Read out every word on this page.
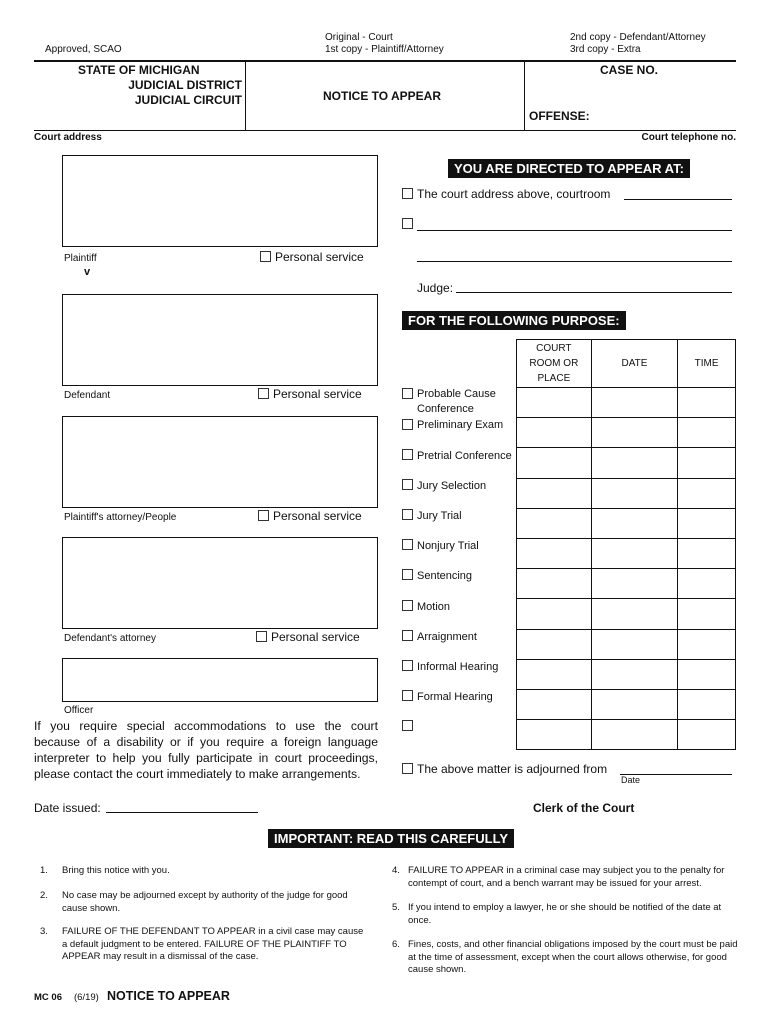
Approved, SCAO
Original - Court
1st copy - Plaintiff/Attorney
2nd copy - Defendant/Attorney
3rd copy - Extra
STATE OF MICHIGAN
JUDICIAL DISTRICT
JUDICIAL CIRCUIT	NOTICE TO APPEAR
CASE NO.
OFFENSE:
Court address	Court telephone no.
Plaintiff
v
Personal service
Defendant	Personal service
Plaintiff's attorney/People	Personal service
Defendant's attorney	Personal service
Officer
If you require special accommodations to use the court because of a disability or if you require a foreign language interpreter to help you fully participate in court proceedings, please contact the court immediately to make arrangements.
YOU ARE DIRECTED TO APPEAR AT:
The court address above, courtroom
Judge:
FOR THE FOLLOWING PURPOSE:
COURT
ROOM OR
PLACE	DATE	TIME

Probable Cause
Conference
Preliminary Exam
Pretrial Conference
Jury Selection
Jury Trial
Nonjury Trial
Sentencing
Motion
Arraignment
Informal Hearing
Formal Hearing
The above matter is adjourned from
Date
Date issued:	Clerk of the Court
IMPORTANT: READ THIS CAREFULLY
1. Bring this notice with you.
2. No case may be adjourned except by authority of the judge for good cause shown.
3. FAILURE OF THE DEFENDANT TO APPEAR in a civil case may cause a default judgment to be entered. FAILURE OF THE PLAINTIFF TO APPEAR may result in a dismissal of the case.
4. FAILURE TO APPEAR in a criminal case may subject you to the penalty for contempt of court, and a bench warrant may be issued for your arrest.
5. If you intend to employ a lawyer, he or she should be notified of the date at once.
6. Fines, costs, and other financial obligations imposed by the court must be paid at the time of assessment, except when the court allows otherwise, for good cause shown.
MC 06 (6/19) NOTICE TO APPEAR
